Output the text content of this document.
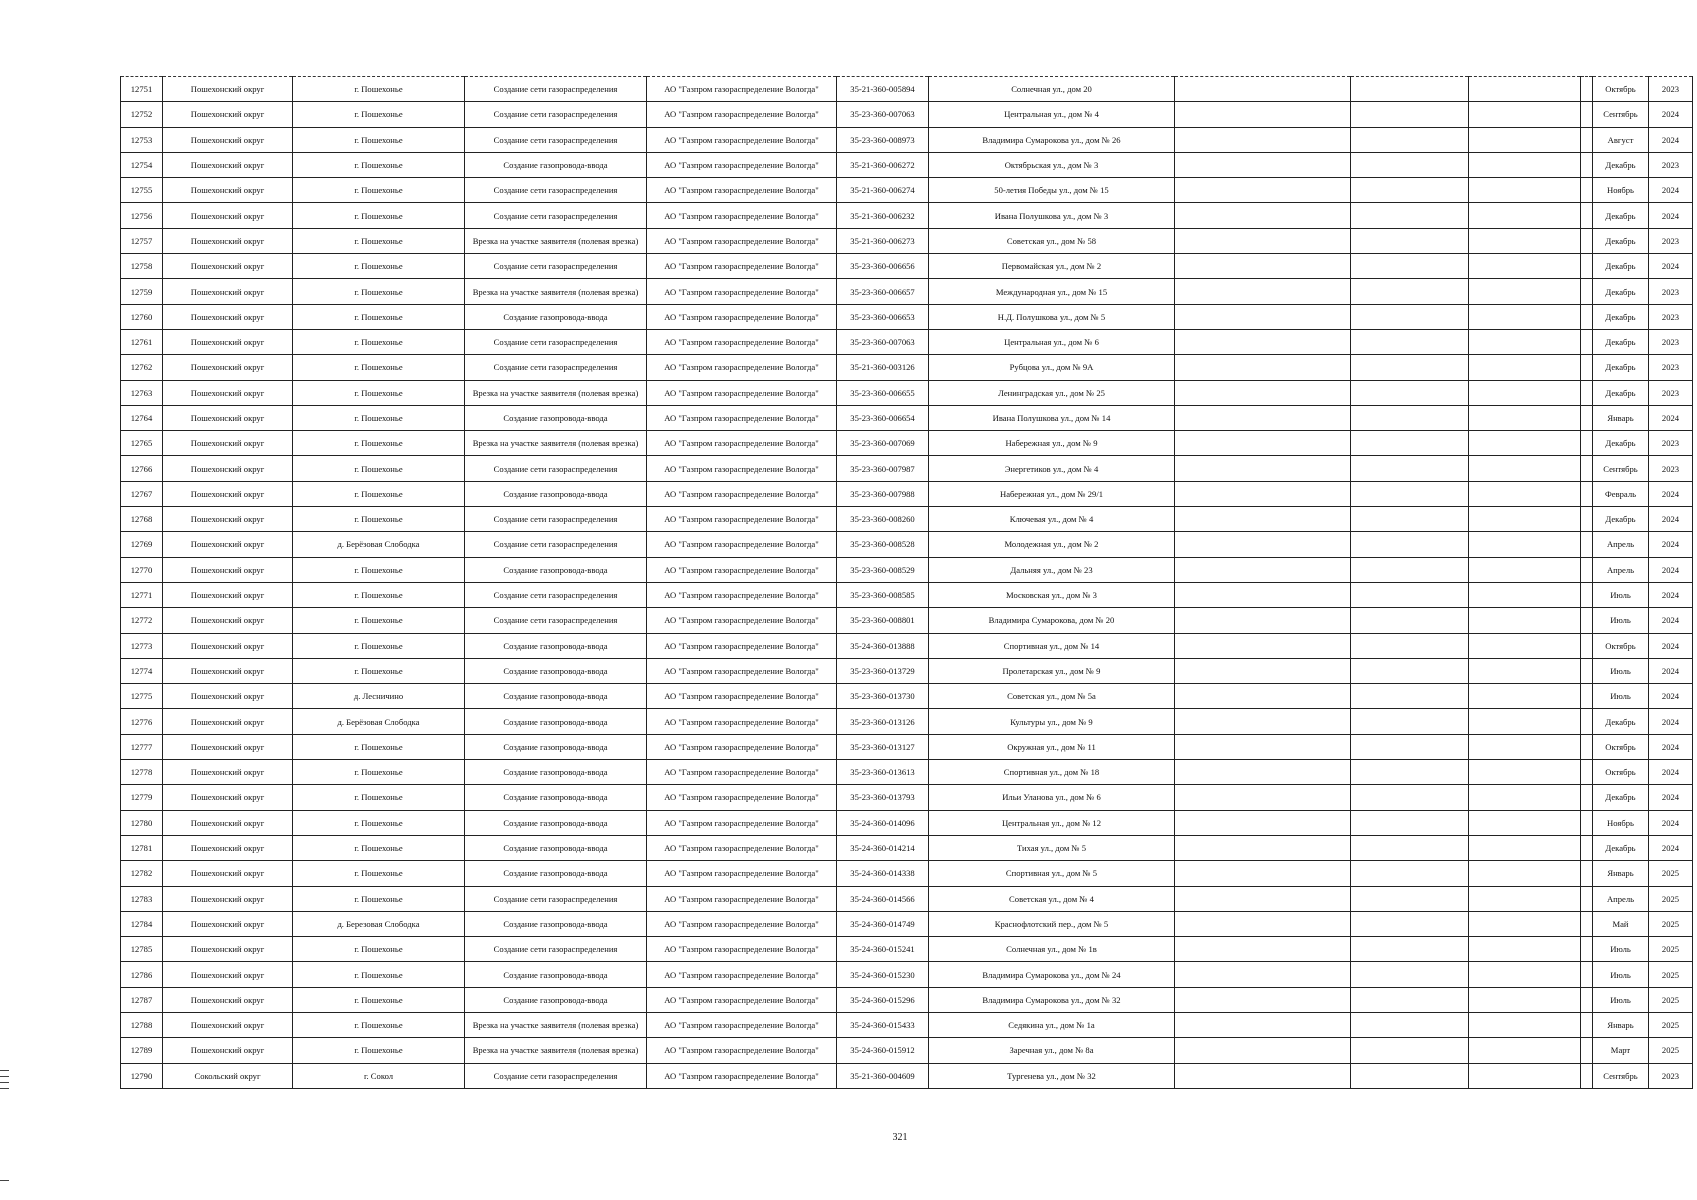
12751	Пошехонский округ	г. Пошехонье	Создание сети газораспределения	АО "Газпром газораспределение Вологда"	35-21-360-005894	Солнечная ул., дом 20					Октябрь	2023
12752	Пошехонский округ	г. Пошехонье	Создание сети газораспределения	АО "Газпром газораспределение Вологда"	35-23-360-007063	Центральная ул., дом № 4					Сентябрь	2024
12753	Пошехонский округ	г. Пошехонье	Создание сети газораспределения	АО "Газпром газораспределение Вологда"	35-23-360-008973	Владимира Сумарокова ул., дом № 26					Август	2024
12754	Пошехонский округ	г. Пошехонье	Создание газопровода-ввода	АО "Газпром газораспределение Вологда"	35-21-360-006272	Октябрьская ул., дом № 3					Декабрь	2023
12755	Пошехонский округ	г. Пошехонье	Создание сети газораспределения	АО "Газпром газораспределение Вологда"	35-21-360-006274	50-летия Победы ул., дом № 15					Ноябрь	2024
12756	Пошехонский округ	г. Пошехонье	Создание сети газораспределения	АО "Газпром газораспределение Вологда"	35-21-360-006232	Ивана Полушкова ул., дом № 3					Декабрь	2024
12757	Пошехонский округ	г. Пошехонье	Врезка на участке заявителя (полевая врезка)	АО "Газпром газораспределение Вологда"	35-21-360-006273	Советская ул., дом № 58					Декабрь	2023
12758	Пошехонский округ	г. Пошехонье	Создание сети газораспределения	АО "Газпром газораспределение Вологда"	35-23-360-006656	Первомайская ул., дом № 2					Декабрь	2024
12759	Пошехонский округ	г. Пошехонье	Врезка на участке заявителя (полевая врезка)	АО "Газпром газораспределение Вологда"	35-23-360-006657	Международная ул., дом № 15					Декабрь	2023
12760	Пошехонский округ	г. Пошехонье	Создание газопровода-ввода	АО "Газпром газораспределение Вологда"	35-23-360-006653	Н.Д. Полушкова ул., дом № 5					Декабрь	2023
12761	Пошехонский округ	г. Пошехонье	Создание сети газораспределения	АО "Газпром газораспределение Вологда"	35-23-360-007063	Центральная ул., дом № 6					Декабрь	2023
12762	Пошехонский округ	г. Пошехонье	Создание сети газораспределения	АО "Газпром газораспределение Вологда"	35-21-360-003126	Рубцова ул., дом № 9А					Декабрь	2023
12763	Пошехонский округ	г. Пошехонье	Врезка на участке заявителя (полевая врезка)	АО "Газпром газораспределение Вологда"	35-23-360-006655	Ленинградская ул., дом № 25					Декабрь	2023
12764	Пошехонский округ	г. Пошехонье	Создание газопровода-ввода	АО "Газпром газораспределение Вологда"	35-23-360-006654	Ивана Полушкова ул., дом № 14					Январь	2024
12765	Пошехонский округ	г. Пошехонье	Врезка на участке заявителя (полевая врезка)	АО "Газпром газораспределение Вологда"	35-23-360-007069	Набережная ул., дом № 9					Декабрь	2023
12766	Пошехонский округ	г. Пошехонье	Создание сети газораспределения	АО "Газпром газораспределение Вологда"	35-23-360-007987	Энергетиков ул., дом № 4					Сентябрь	2023
12767	Пошехонский округ	г. Пошехонье	Создание газопровода-ввода	АО "Газпром газораспределение Вологда"	35-23-360-007988	Набережная ул., дом № 29/1					Февраль	2024
12768	Пошехонский округ	г. Пошехонье	Создание сети газораспределения	АО "Газпром газораспределение Вологда"	35-23-360-008260	Ключевая ул., дом № 4					Декабрь	2024
12769	Пошехонский округ	д. Берёзовая Слободка	Создание сети газораспределения	АО "Газпром газораспределение Вологда"	35-23-360-008528	Молодежная ул., дом № 2					Апрель	2024
12770	Пошехонский округ	г. Пошехонье	Создание газопровода-ввода	АО "Газпром газораспределение Вологда"	35-23-360-008529	Дальняя ул., дом № 23					Апрель	2024
12771	Пошехонский округ	г. Пошехонье	Создание сети газораспределения	АО "Газпром газораспределение Вологда"	35-23-360-008585	Московская ул., дом № 3					Июль	2024
12772	Пошехонский округ	г. Пошехонье	Создание сети газораспределения	АО "Газпром газораспределение Вологда"	35-23-360-008801	Владимира Сумарокова, дом № 20					Июль	2024
12773	Пошехонский округ	г. Пошехонье	Создание газопровода-ввода	АО "Газпром газораспределение Вологда"	35-24-360-013888	Спортивная ул., дом № 14					Октябрь	2024
12774	Пошехонский округ	г. Пошехонье	Создание газопровода-ввода	АО "Газпром газораспределение Вологда"	35-23-360-013729	Пролетарская ул., дом № 9					Июль	2024
12775	Пошехонский округ	д. Лесничино	Создание газопровода-ввода	АО "Газпром газораспределение Вологда"	35-23-360-013730	Советская ул., дом № 5а					Июль	2024
12776	Пошехонский округ	д. Берёзовая Слободка	Создание газопровода-ввода	АО "Газпром газораспределение Вологда"	35-23-360-013126	Культуры ул., дом № 9					Декабрь	2024
12777	Пошехонский округ	г. Пошехонье	Создание газопровода-ввода	АО "Газпром газораспределение Вологда"	35-23-360-013127	Окружная ул., дом № 11					Октябрь	2024
12778	Пошехонский округ	г. Пошехонье	Создание газопровода-ввода	АО "Газпром газораспределение Вологда"	35-23-360-013613	Спортивная ул., дом № 18					Октябрь	2024
12779	Пошехонский округ	г. Пошехонье	Создание газопровода-ввода	АО "Газпром газораспределение Вологда"	35-23-360-013793	Ильи Уланова ул., дом № 6					Декабрь	2024
12780	Пошехонский округ	г. Пошехонье	Создание газопровода-ввода	АО "Газпром газораспределение Вологда"	35-24-360-014096	Центральная ул., дом № 12					Ноябрь	2024
12781	Пошехонский округ	г. Пошехонье	Создание газопровода-ввода	АО "Газпром газораспределение Вологда"	35-24-360-014214	Тихая ул., дом № 5					Декабрь	2024
12782	Пошехонский округ	г. Пошехонье	Создание газопровода-ввода	АО "Газпром газораспределение Вологда"	35-24-360-014338	Спортивная ул., дом № 5					Январь	2025
12783	Пошехонский округ	г. Пошехонье	Создание сети газораспределения	АО "Газпром газораспределение Вологда"	35-24-360-014566	Советская ул., дом № 4					Апрель	2025
12784	Пошехонский округ	д. Березовая Слободка	Создание газопровода-ввода	АО "Газпром газораспределение Вологда"	35-24-360-014749	Краснофлотский пер., дом № 5					Май	2025
12785	Пошехонский округ	г. Пошехонье	Создание сети газораспределения	АО "Газпром газораспределение Вологда"	35-24-360-015241	Солнечная ул., дом № 1в					Июль	2025
12786	Пошехонский округ	г. Пошехонье	Создание газопровода-ввода	АО "Газпром газораспределение Вологда"	35-24-360-015230	Владимира Сумарокова ул., дом № 24					Июль	2025
12787	Пошехонский округ	г. Пошехонье	Создание газопровода-ввода	АО "Газпром газораспределение Вологда"	35-24-360-015296	Владимира Сумарокова ул., дом № 32					Июль	2025
12788	Пошехонский округ	г. Пошехонье	Врезка на участке заявителя (полевая врезка)	АО "Газпром газораспределение Вологда"	35-24-360-015433	Седякина ул., дом № 1а					Январь	2025
12789	Пошехонский округ	г. Пошехонье	Врезка на участке заявителя (полевая врезка)	АО "Газпром газораспределение Вологда"	35-24-360-015912	Заречная ул., дом № 8а					Март	2025
12790	Сокольский округ	г. Сокол	Создание сети газораспределения	АО "Газпром газораспределение Вологда"	35-21-360-004609	Тургенева ул., дом № 32					Сентябрь	2023
321
